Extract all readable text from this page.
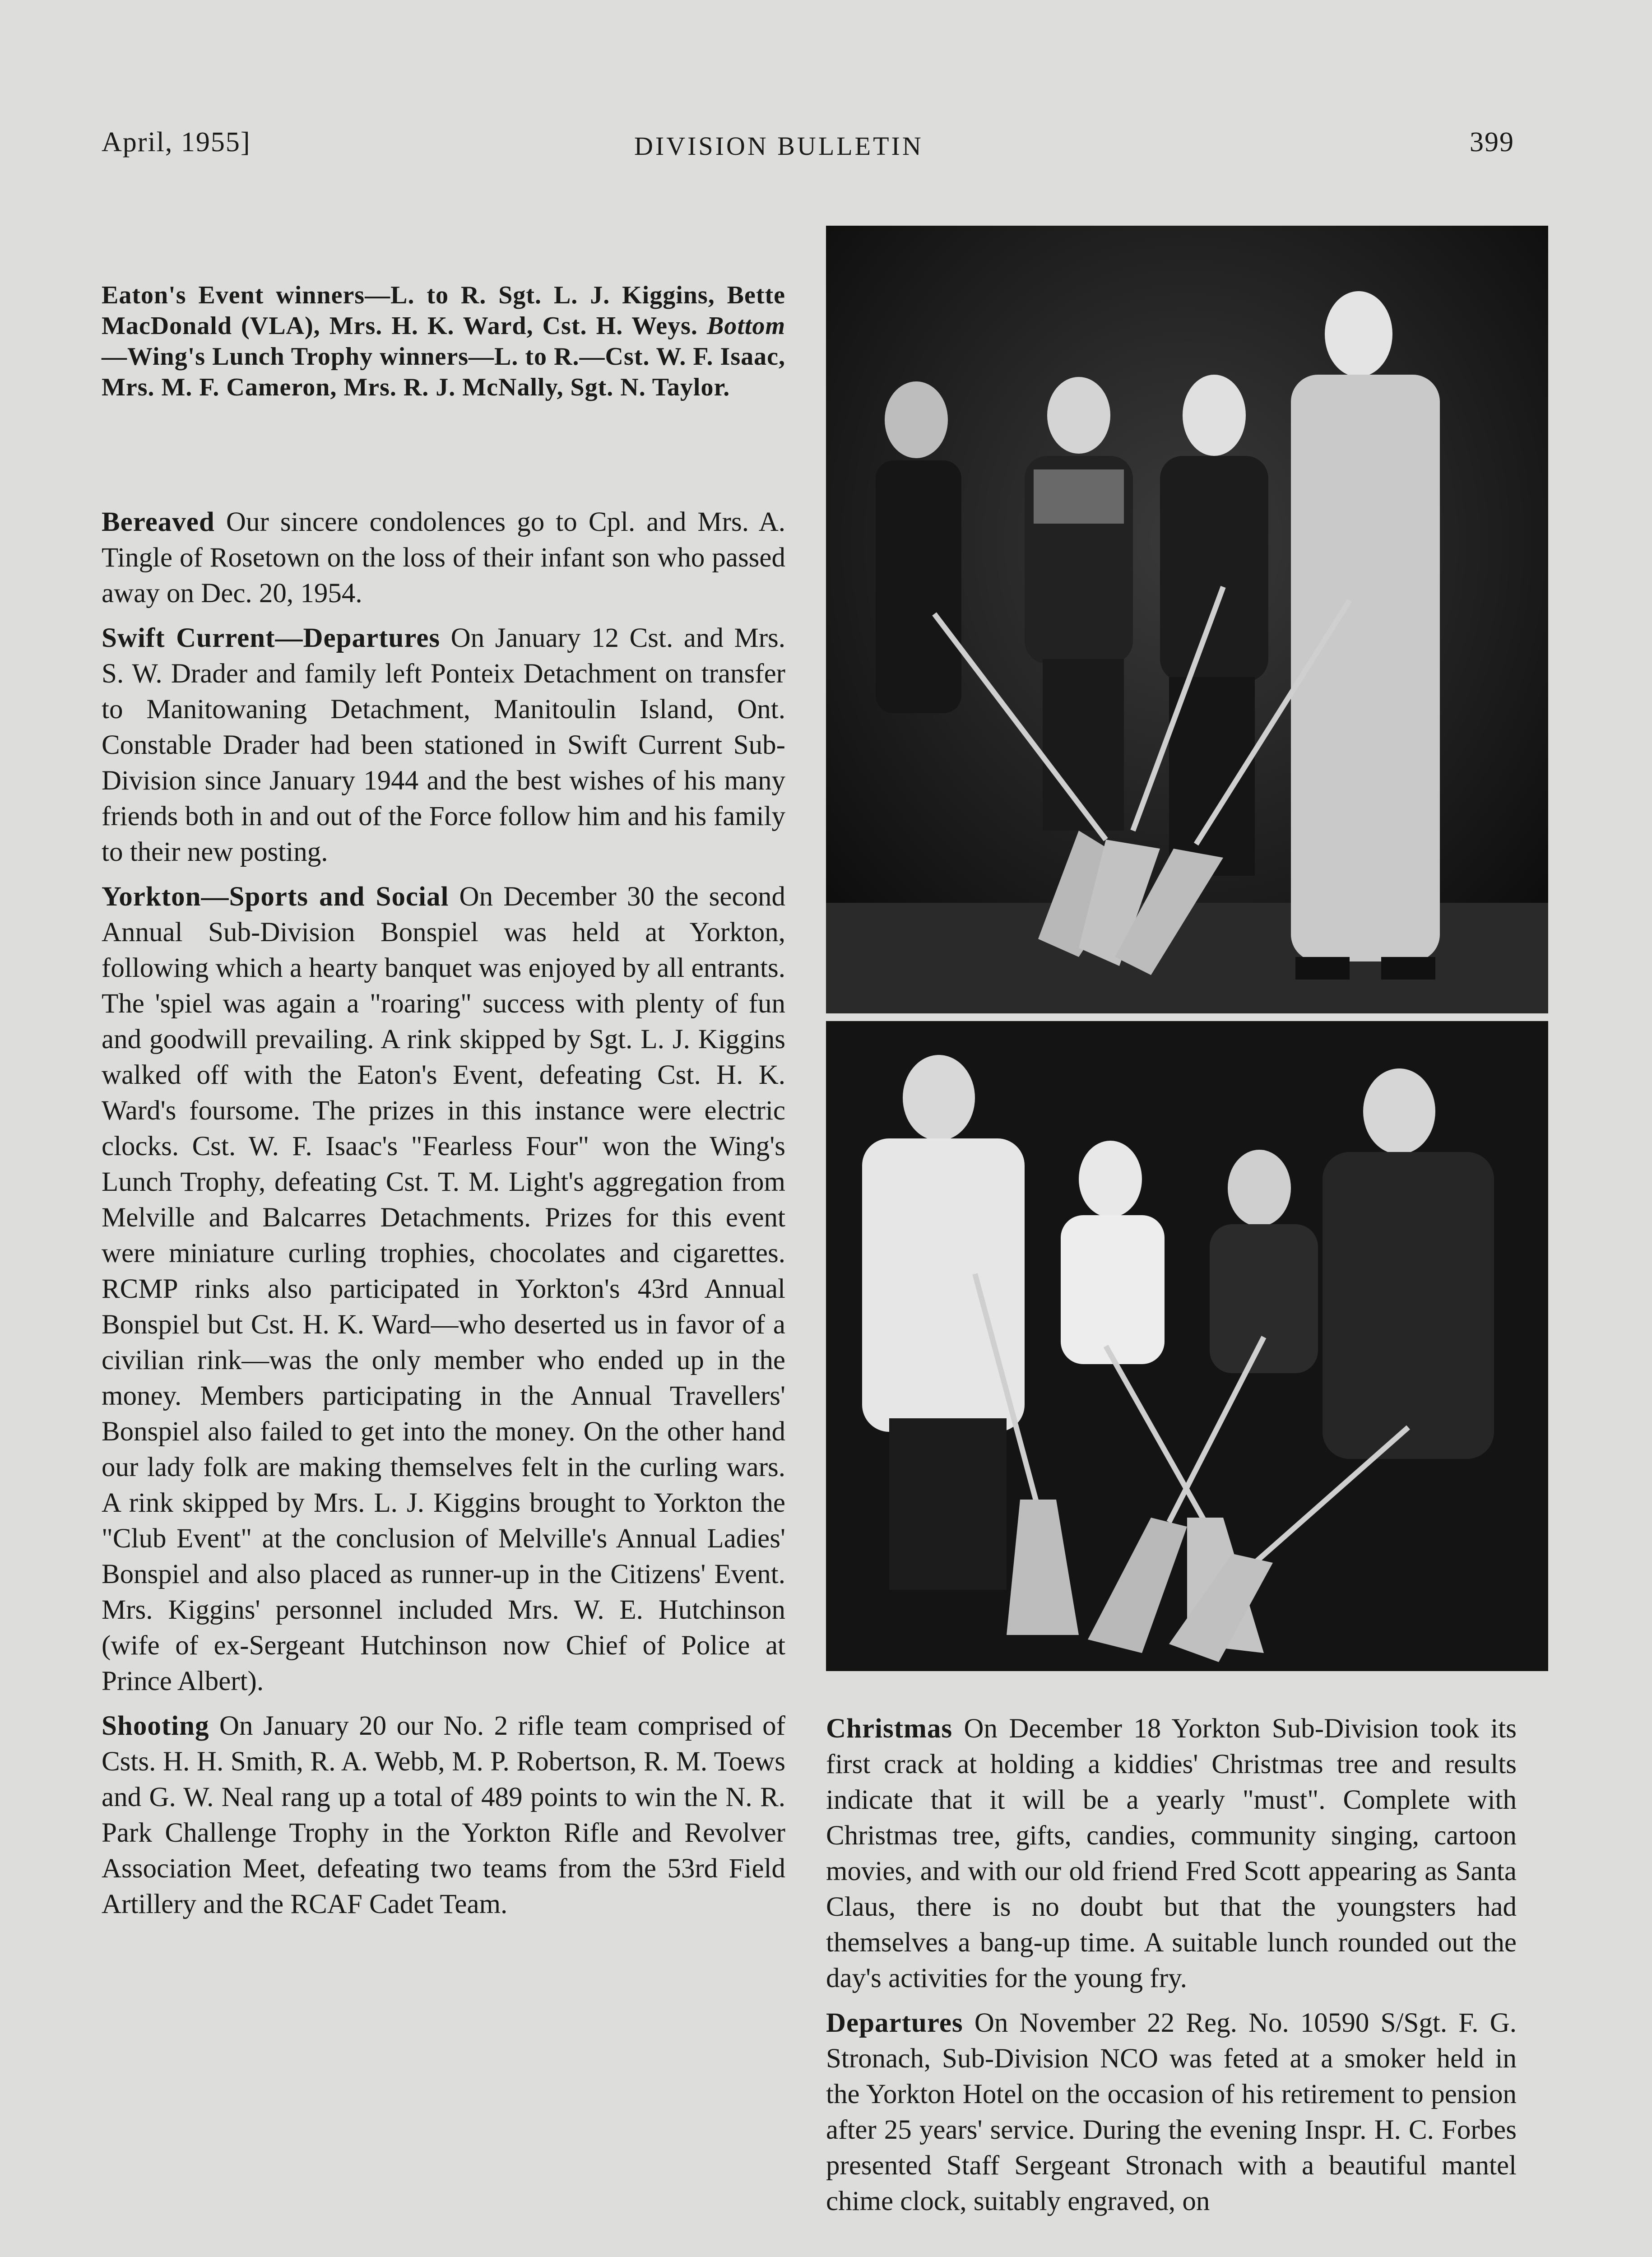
April, 1955]	DIVISION BULLETIN	399
Eaton's Event winners—L. to R. Sgt. L. J. Kiggins, Bette MacDonald (VLA), Mrs. H. K. Ward, Cst. H. Weys. Bottom—Wing's Lunch Trophy winners—L. to R.—Cst. W. F. Isaac, Mrs. M. F. Cameron, Mrs. R. J. McNally, Sgt. N. Taylor.

Bereaved Our sincere condolences go to Cpl. and Mrs. A. Tingle of Rosetown on the loss of their infant son who passed away on Dec. 20, 1954.

Swift Current—Departures On January 12 Cst. and Mrs. S. W. Drader and family left Ponteix Detachment on transfer to Manitowaning Detachment, Manitoulin Island, Ont. Constable Drader had been stationed in Swift Current Sub-Division since January 1944 and the best wishes of his many friends both in and out of the Force follow him and his family to their new posting.

Yorkton—Sports and Social On December 30 the second Annual Sub-Division Bonspiel was held at Yorkton, following which a hearty banquet was enjoyed by all entrants. The 'spiel was again a "roaring" success with plenty of fun and goodwill prevailing. A rink skipped by Sgt. L. J. Kiggins walked off with the Eaton's Event, defeating Cst. H. K. Ward's foursome. The prizes in this instance were electric clocks. Cst. W. F. Isaac's "Fearless Four" won the Wing's Lunch Trophy, defeating Cst. T. M. Light's aggregation from Melville and Balcarres Detachments. Prizes for this event were miniature curling trophies, chocolates and cigarettes. RCMP rinks also participated in Yorkton's 43rd Annual Bonspiel but Cst. H. K. Ward—who deserted us in favor of a civilian rink—was the only member who ended up in the money. Members participating in the Annual Travellers' Bonspiel also failed to get into the money. On the other hand our lady folk are making themselves felt in the curling wars. A rink skipped by Mrs. L. J. Kiggins brought to Yorkton the "Club Event" at the conclusion of Melville's Annual Ladies' Bonspiel and also placed as runner-up in the Citizens' Event. Mrs. Kiggins' personnel included Mrs. W. E. Hutchinson (wife of ex-Sergeant Hutchinson now Chief of Police at Prince Albert).

Shooting On January 20 our No. 2 rifle team comprised of Csts. H. H. Smith, R. A. Webb, M. P. Robertson, R. M. Toews and G. W. Neal rang up a total of 489 points to win the N. R. Park Challenge Trophy in the Yorkton Rifle and Revolver Association Meet, defeating two teams from the 53rd Field Artillery and the RCAF Cadet Team.

Christmas On December 18 Yorkton Sub-Division took its first crack at holding a kiddies' Christmas tree and results indicate that it will be a yearly "must". Complete with Christmas tree, gifts, candies, community singing, cartoon movies, and with our old friend Fred Scott appearing as Santa Claus, there is no doubt but that the youngsters had themselves a bang-up time. A suitable lunch rounded out the day's activities for the young fry.

Departures On November 22 Reg. No. 10590 S/Sgt. F. G. Stronach, Sub-Division NCO was feted at a smoker held in the Yorkton Hotel on the occasion of his retirement to pension after 25 years' service. During the evening Inspr. H. C. Forbes presented Staff Sergeant Stronach with a beautiful mantel chime clock, suitably engraved, on
